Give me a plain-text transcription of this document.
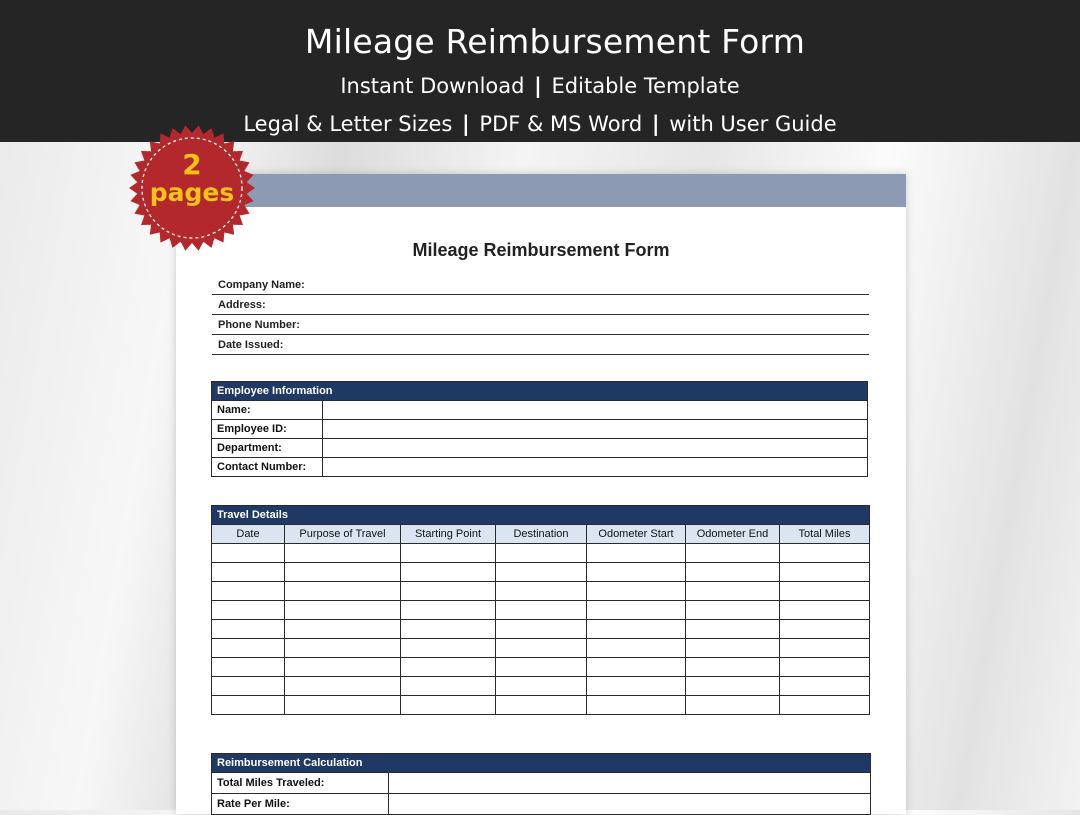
Mileage Reimbursement Form
Instant Download | Editable Template
Legal & Letter Sizes | PDF & MS Word | with User Guide
Mileage Reimbursement Form
Company Name:
Address:
Phone Number:
Date Issued:
Employee Information	
Name:	
Employee ID:	
Department:	
Contact Number:	
Travel Details						
Date	Purpose of Travel	Starting Point	Destination	Odometer Start	Odometer End	Total Miles

Reimbursement Calculation	
Total Miles Traveled:	
Rate Per Mile:	
2
pages
